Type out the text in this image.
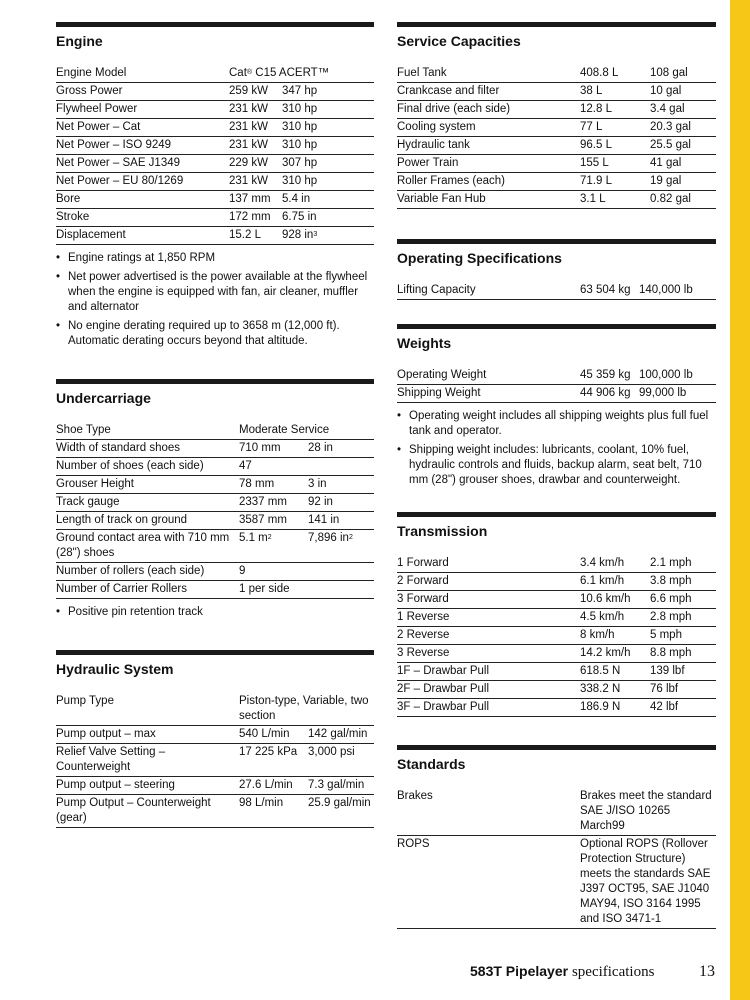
Engine
Engine Model	Cat® C15 ACERT™	
Gross Power	259 kW	347 hp
Flywheel Power	231 kW	310 hp
Net Power – Cat	231 kW	310 hp
Net Power – ISO 9249	231 kW	310 hp
Net Power – SAE J1349	229 kW	307 hp
Net Power – EU 80/1269	231 kW	310 hp
Bore	137 mm	5.4 in
Stroke	172 mm	6.75 in
Displacement	15.2 L	928 $in^3$
• Engine ratings at 1,850 RPM
• Net power advertised is the power available at the flywheel when the engine is equipped with fan, air cleaner, muffler and alternator
• No engine derating required up to 3658 m (12,000 ft). Automatic derating occurs beyond that altitude.
Undercarriage
Shoe Type	Moderate Service	
Width of standard shoes	710 mm	28 in
Number of shoes (each side)	47	
Grouser Height	78 mm	3 in
Track gauge	2337 mm	92 in
Length of track on ground	3587 mm	141 in
Ground contact area with 710 mm (28") shoes	5.1 $m^2$	7,896 $in^2$
Number of rollers (each side)	9	
Number of Carrier Rollers	1 per side	
• Positive pin retention track
Hydraulic System
Pump Type	Piston-type, Variable, two section	
Pump output – max	540 L/min	142 gal/min
Relief Valve Setting – Counterweight	17 225 kPa	3,000 psi
Pump output – steering	27.6 L/min	7.3 gal/min
Pump Output – Counterweight (gear)	98 L/min	25.9 gal/min
Service Capacities
Fuel Tank	408.8 L	108 gal
Crankcase and filter	38 L	10 gal
Final drive (each side)	12.8 L	3.4 gal
Cooling system	77 L	20.3 gal
Hydraulic tank	96.5 L	25.5 gal
Power Train	155 L	41 gal
Roller Frames (each)	71.9 L	19 gal
Variable Fan Hub	3.1 L	0.82 gal
Operating Specifications
Lifting Capacity	63 504 kg	140,000 lb
Weights
Operating Weight	45 359 kg	100,000 lb
Shipping Weight	44 906 kg	99,000 lb
• Operating weight includes all shipping weights plus full fuel tank and operator.
• Shipping weight includes: lubricants, coolant, 10% fuel, hydraulic controls and fluids, backup alarm, seat belt, 710 mm (28") grouser shoes, drawbar and counterweight.
Transmission
1 Forward	3.4 km/h	2.1 mph
2 Forward	6.1 km/h	3.8 mph
3 Forward	10.6 km/h	6.6 mph
1 Reverse	4.5 km/h	2.8 mph
2 Reverse	8 km/h	5 mph
3 Reverse	14.2 km/h	8.8 mph
1F – Drawbar Pull	618.5 N	139 lbf
2F – Drawbar Pull	338.2 N	76 lbf
3F – Drawbar Pull	186.9 N	42 lbf
Standards
Brakes	Brakes meet the standard SAE J/ISO 10265 March99
ROPS	Optional ROPS (Rollover Protection Structure) meets the standards SAE J397 OCT95, SAE J1040 MAY94, ISO 3164 1995 and ISO 3471-1
583T Pipelayer specifications	13
